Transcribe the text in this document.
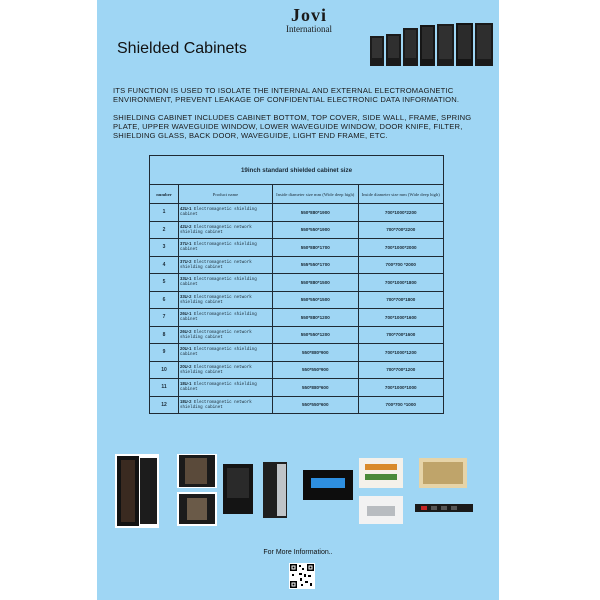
Jovi
International
Shielded Cabinets
ITS FUNCTION IS USED TO ISOLATE THE INTERNAL AND EXTERNAL ELECTROMAGNETIC ENVIRONMENT, PREVENT LEAKAGE OF CONFIDENTIAL ELECTRONIC DATA INFORMATION.
SHIELDING CABINET INCLUDES CABINET BOTTOM, TOP COVER, SIDE WALL, FRAME, SPRING PLATE, UPPER WAVEGUIDE WINDOW, LOWER WAVEGUIDE WINDOW, DOOR KNIFE, FILTER, SHIELDING GLASS, BACK DOOR, WAVEGUIDE, LIGHT END FRAME, ETC.
19inch standard shielded cabinet size			
number	Product name	Inside diameter size mm (Wide deep high)	Inside diameter size mm (Wide deep high)
1	42U-1 Electromagnetic shielding cabinet	550*880*1900	700*1000*2200
2	42U-2 Electromagnetic network shielding cabinet	550*550*1900	700*700*2200
3	37U-1 Electromagnetic shielding cabinet	550*880*1700	700*1000*2000
4	37U-2 Electromagnetic network shielding cabinet	555*550*1700	700*700 *2000
5	33U-1 Electromagnetic shielding cabinet	550*880*1500	700*1000*1800
6	33U-2 Electromagnetic network shielding cabinet	550*550*1500	700*700*1800
7	26U-1 Electromagnetic shielding cabinet	550*880*1200	700*1000*1600
8	26U-2 Electromagnetic network shielding cabinet	550*550*1200	700*700*1600
9	20U-1 Electromagnetic shielding cabinet	550*880*900	700*1000*1200
10	20U-2 Electromagnetic network shielding cabinet	550*550*900	700*700*1200
11	18U-1 Electromagnetic shielding cabinet	550*880*600	700*1000*1000
12	18U-2 Electromagnetic network shielding cabinet	550*550*600	700*700 *1000
For More Information..
